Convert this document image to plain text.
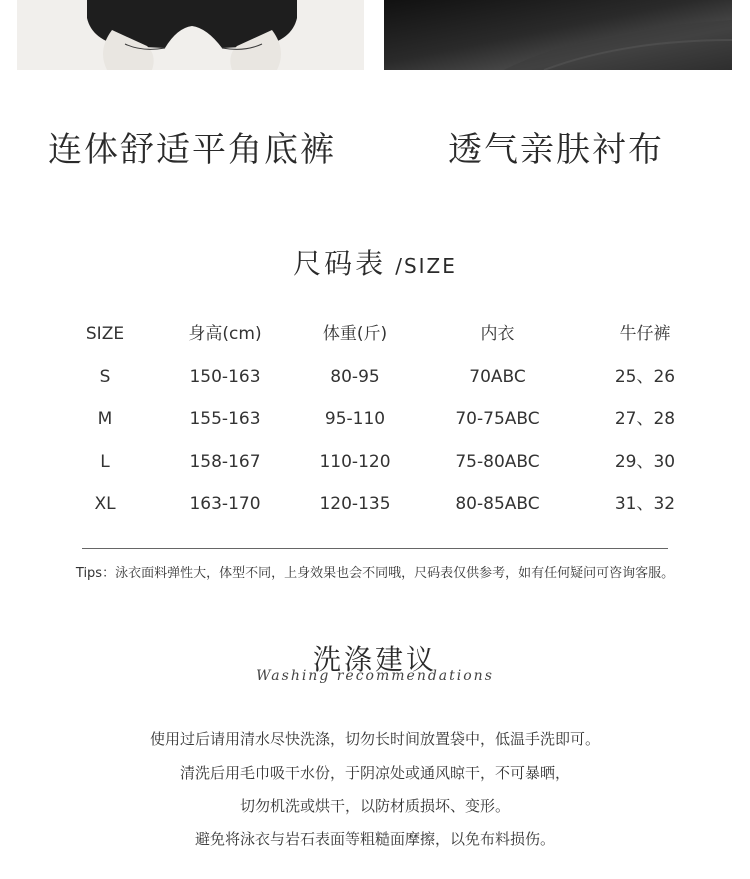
连体舒适平角底裤	透气亲肤衬布
尺码表 /SIZE
SIZE	身高(cm)	体重(斤)	内衣	牛仔裤
S	150-163	80-95	70ABC	25、26
M	155-163	95-110	70-75ABC	27、28
L	158-167	110-120	75-80ABC	29、30
XL	163-170	120-135	80-85ABC	31、32
Tips：泳衣面料弹性大，体型不同，上身效果也会不同哦，尺码表仅供参考，如有任何疑问可咨询客服。
洗涤建议
Washing recommendations
使用过后请用清水尽快洗涤，切勿长时间放置袋中，低温手洗即可。
清洗后用毛巾吸干水份，于阴凉处或通风晾干，不可暴晒，
切勿机洗或烘干，以防材质损坏、变形。
避免将泳衣与岩石表面等粗糙面摩擦，以免布料损伤。
